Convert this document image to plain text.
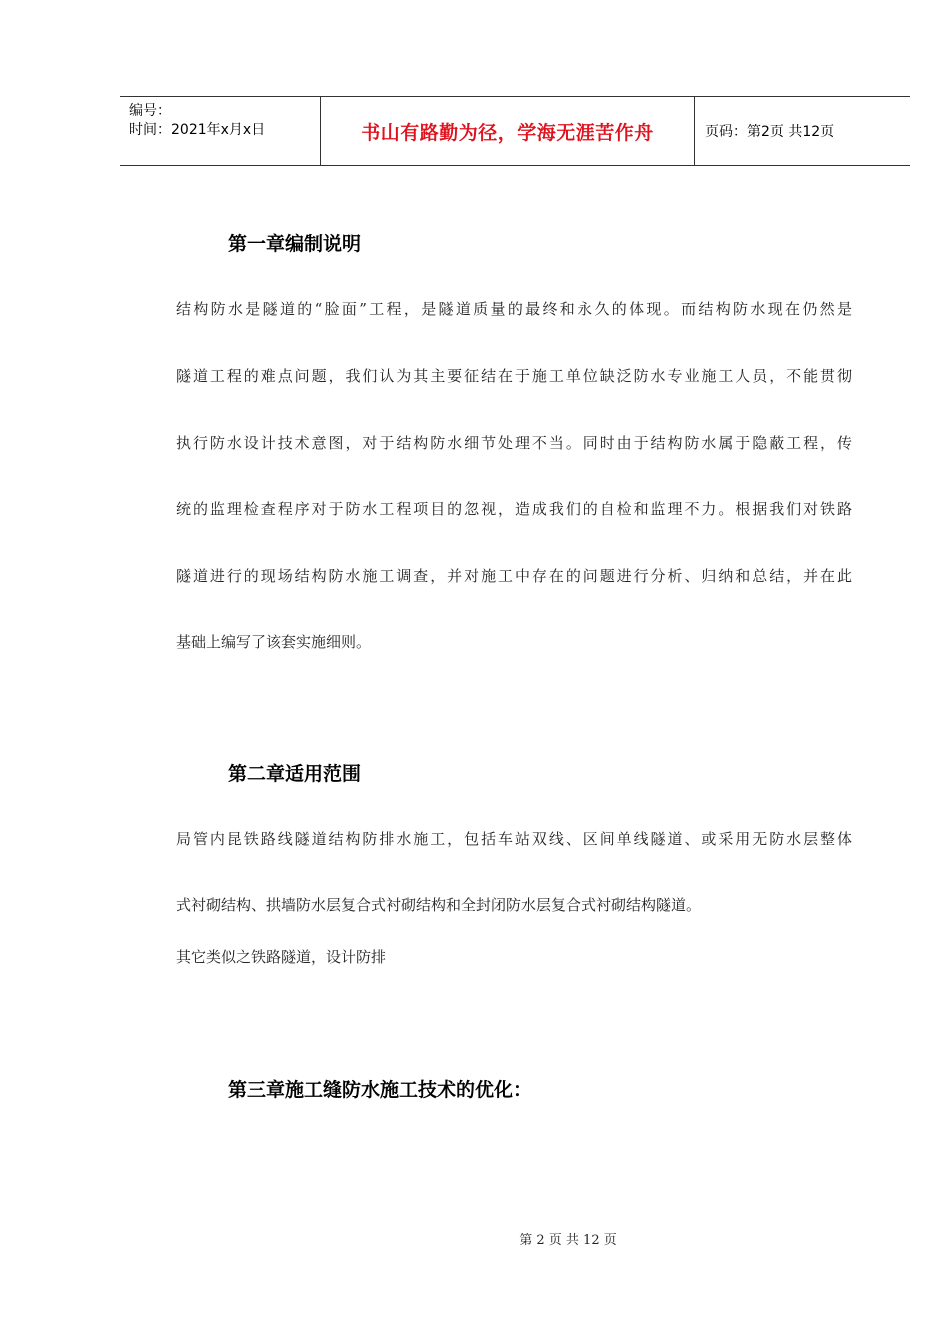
编号：
时间：2021年x月x日	书山有路勤为径，学海无涯苦作舟	页码：第2页 共12页
第一章编制说明

结构防水是隧道的“脸面”工程，是隧道质量的最终和永久的体现。而结构防水现在仍然是

隧道工程的难点问题，我们认为其主要征结在于施工单位缺泛防水专业施工人员，不能贯彻

执行防水设计技术意图，对于结构防水细节处理不当。同时由于结构防水属于隐蔽工程，传

统的监理检查程序对于防水工程项目的忽视，造成我们的自检和监理不力。根据我们对铁路

隧道进行的现场结构防水施工调查，并对施工中存在的问题进行分析、归纳和总结，并在此

基础上编写了该套实施细则。

第二章适用范围

局管内昆铁路线隧道结构防排水施工，包括车站双线、区间单线隧道、或采用无防水层整体

式衬砌结构、拱墙防水层复合式衬砌结构和全封闭防水层复合式衬砌结构隧道。

其它类似之铁路隧道，设计防排

第三章施工缝防水施工技术的优化：
第 2 页 共 12 页
